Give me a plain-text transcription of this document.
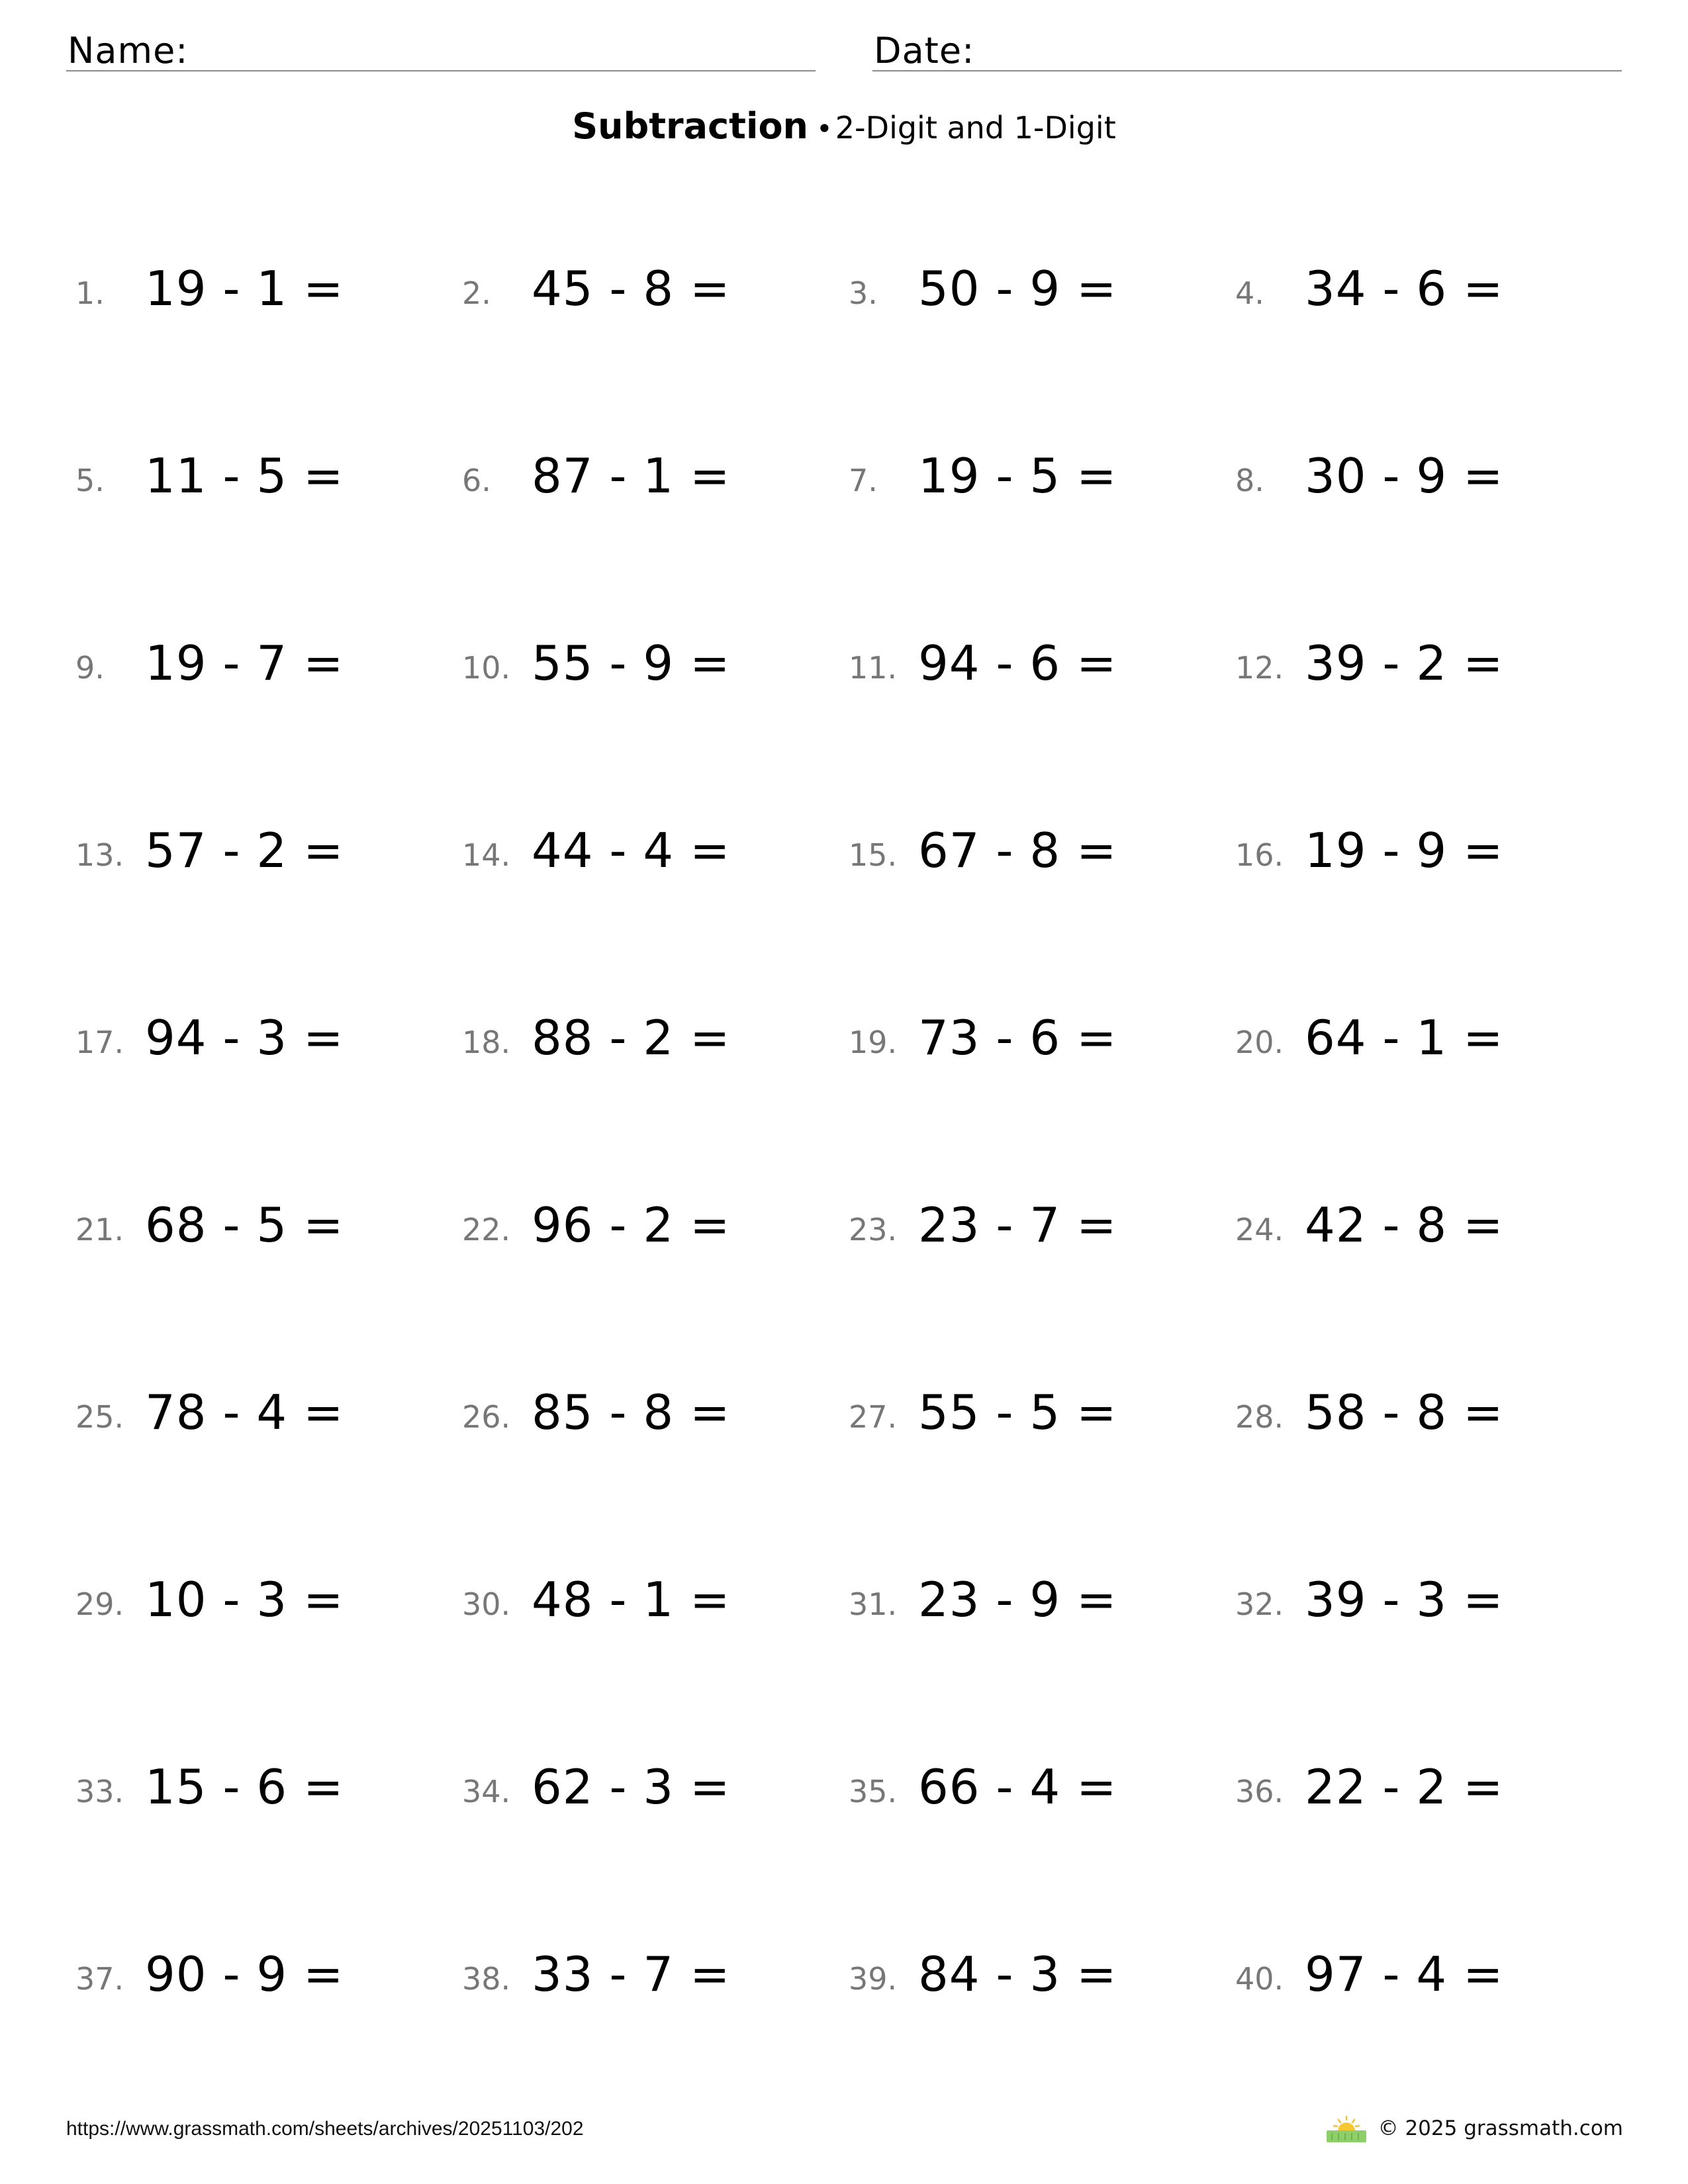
Name:	Date:
Subtraction •2-Digit and 1-Digit
1. 19 - 1 =	2. 45 - 8 =	3. 50 - 9 =	4. 34 - 6 =
5. 11 - 5 =	6. 87 - 1 =	7. 19 - 5 =	8. 30 - 9 =
9. 19 - 7 =	10. 55 - 9 =	11. 94 - 6 =	12. 39 - 2 =
13. 57 - 2 =	14. 44 - 4 =	15. 67 - 8 =	16. 19 - 9 =
17. 94 - 3 =	18. 88 - 2 =	19. 73 - 6 =	20. 64 - 1 =
21. 68 - 5 =	22. 96 - 2 =	23. 23 - 7 =	24. 42 - 8 =
25. 78 - 4 =	26. 85 - 8 =	27. 55 - 5 =	28. 58 - 8 =
29. 10 - 3 =	30. 48 - 1 =	31. 23 - 9 =	32. 39 - 3 =
33. 15 - 6 =	34. 62 - 3 =	35. 66 - 4 =	36. 22 - 2 =
37. 90 - 9 =	38. 33 - 7 =	39. 84 - 3 =	40. 97 - 4 =
https://www.grassmath.com/sheets/archives/20251103/202	© 2025 grassmath.com
